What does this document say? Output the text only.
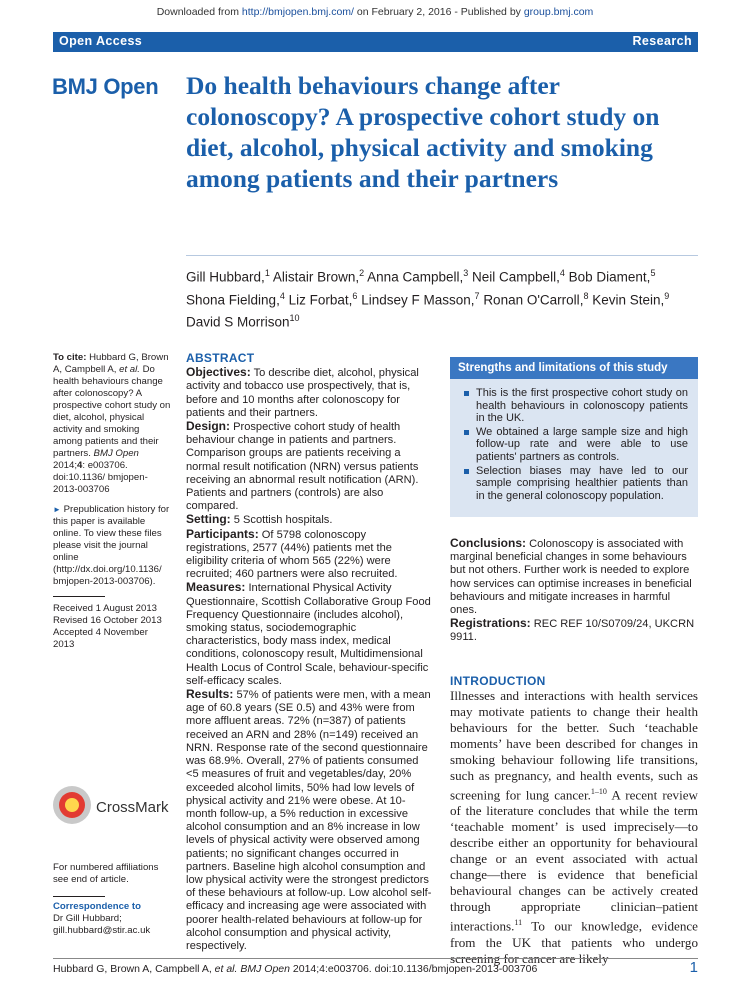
Downloaded from http://bmjopen.bmj.com/ on February 2, 2016 - Published by group.bmj.com
Open Access	Research
BMJ Open Do health behaviours change after colonoscopy? A prospective cohort study on diet, alcohol, physical activity and smoking among patients and their partners
Gill Hubbard,$^1$ Alistair Brown,$^2$ Anna Campbell,$^3$ Neil Campbell,$^4$ Bob Diament,$^5$ Shona Fielding,$^4$ Liz Forbat,$^6$ Lindsey F Masson,$^7$ Ronan O'Carroll,$^8$ Kevin Stein,$^9$ David S Morrison$^{10}$
To cite: Hubbard G, Brown A, Campbell A, et al. Do health behaviours change after colonoscopy? A prospective cohort study on diet, alcohol, physical activity and smoking among patients and their partners. BMJ Open 2014;4: e003706. doi:10.1136/ bmjopen-2013-003706
► Prepublication history for this paper is available online. To view these files please visit the journal online (http://dx.doi.org/10.1136/ bmjopen-2013-003706).
Received 1 August 2013
Revised 16 October 2013
Accepted 4 November 2013
CrossMark
For numbered affiliations see end of article.
Correspondence to
Dr Gill Hubbard;
gill.hubbard@stir.ac.uk
ABSTRACT
Objectives: To describe diet, alcohol, physical activity and tobacco use prospectively, that is, before and 10 months after colonoscopy for patients and their partners.
Design: Prospective cohort study of health behaviour change in patients and partners. Comparison groups are patients receiving a normal result notification (NRN) versus patients receiving an abnormal result notification (ARN). Patients and partners (controls) are also compared.
Setting: 5 Scottish hospitals.
Participants: Of 5798 colonoscopy registrations, 2577 (44%) patients met the eligibility criteria of whom 565 (22%) were recruited; 460 partners were also recruited.
Measures: International Physical Activity Questionnaire, Scottish Collaborative Group Food Frequency Questionnaire (includes alcohol), smoking status, sociodemographic characteristics, body mass index, medical conditions, colonoscopy result, Multidimensional Health Locus of Control Scale, behaviour-specific self-efficacy scales.
Results: 57% of patients were men, with a mean age of 60.8 years (SE 0.5) and 43% were from more affluent areas. 72% (n=387) of patients received an ARN and 28% (n=149) received an NRN. Response rate of the second questionnaire was 68.9%. Overall, 27% of patients consumed <5 measures of fruit and vegetables/day, 20% exceeded alcohol limits, 50% had low levels of physical activity and 21% were obese. At 10-month follow-up, a 5% reduction in excessive alcohol consumption and an 8% increase in low levels of physical activity were observed among patients; no significant changes occurred in partners. Baseline high alcohol consumption and low physical activity were the strongest predictors of these behaviours at follow-up. Low alcohol self-efficacy and increasing age were associated with poorer health-related behaviours at follow-up for alcohol consumption and physical activity, respectively.
Strengths and limitations of this study
This is the first prospective cohort study on health behaviours in colonoscopy patients in the UK.
We obtained a large sample size and high follow-up rate and were able to use patients' partners as controls.
Selection biases may have led to our sample comprising healthier patients than in the general colonoscopy population.
Conclusions: Colonoscopy is associated with marginal beneficial changes in some behaviours but not others. Further work is needed to explore how services can optimise increases in beneficial behaviours and mitigate increases in harmful ones.
Registrations: REC REF 10/S0709/24, UKCRN 9911.
INTRODUCTION
Illnesses and interactions with health services may motivate patients to change their health behaviours for the better. Such ‘teachable moments’ have been described for changes in smoking behaviour following life transitions, such as pregnancy, and health events, such as screening for lung cancer.$^{1-10}$ A recent review of the literature concludes that while the term ‘teachable moment’ is used imprecisely—to describe either an opportunity for behavioural change or an event associated with actual change—there is evidence that beneficial behavioural changes can be actively created through appropriate clinician–patient interactions.$^{11}$ To our knowledge, evidence from the UK that patients who undergo screening for cancer are likely
Hubbard G, Brown A, Campbell A, et al. BMJ Open 2014;4:e003706. doi:10.1136/bmjopen-2013-003706	1
